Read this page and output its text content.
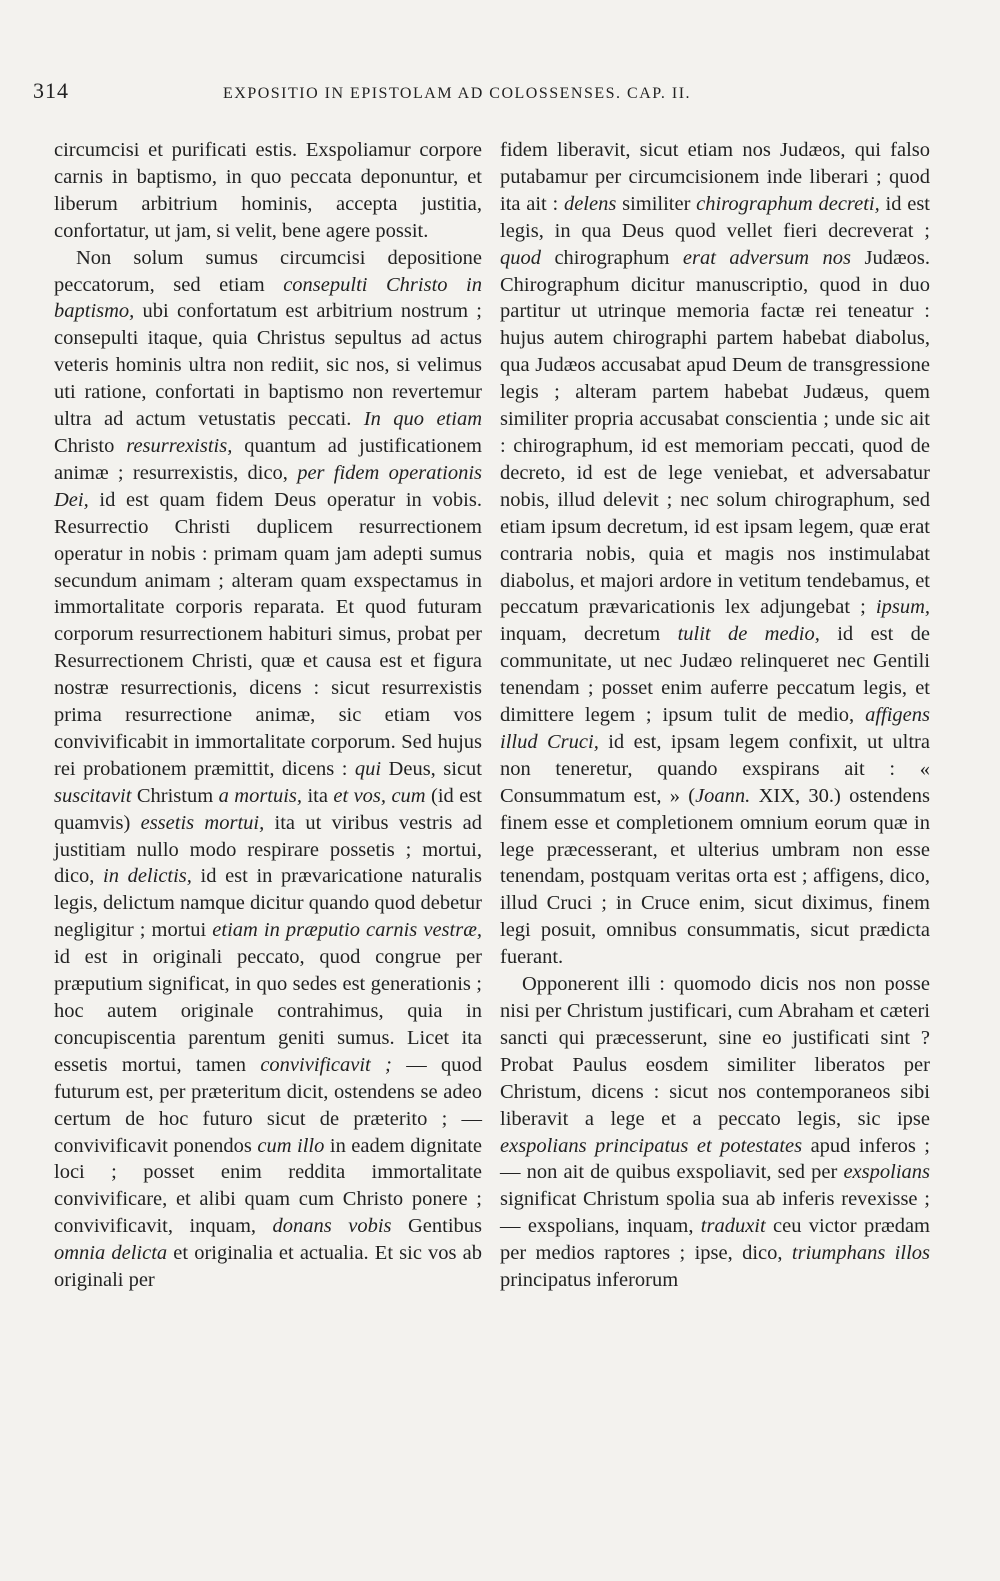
314	EXPOSITIO IN EPISTOLAM AD COLOSSENSES. CAP. II.

circumcisi et purificati estis. Exspoliamur corpore carnis in baptismo, in quo peccata deponuntur, et liberum arbitrium hominis, accepta justitia, confortatur, ut jam, si velit, bene agere possit.

Non solum sumus circumcisi depositione peccatorum, sed etiam consepulti Christo in baptismo, ubi confortatum est arbitrium nostrum ; consepulti itaque, quia Christus sepultus ad actus veteris hominis ultra non rediit, sic nos, si velimus uti ratione, confortati in baptismo non revertemur ultra ad actum vetustatis peccati. In quo etiam Christo resurrexistis, quantum ad justificationem animæ ; resurrexistis, dico, per fidem operationis Dei, id est quam fidem Deus operatur in vobis. Resurrectio Christi duplicem resurrectionem operatur in nobis : primam quam jam adepti sumus secundum animam ; alteram quam exspectamus in immortalitate corporis reparata. Et quod futuram corporum resurrectionem habituri simus, probat per Resurrectionem Christi, quæ et causa est et figura nostræ resurrectionis, dicens : sicut resurrexistis prima resurrectione animæ, sic etiam vos convivificabit in immortalitate corporum. Sed hujus rei probationem præmittit, dicens : qui Deus, sicut suscitavit Christum a mortuis, ita et vos, cum (id est quamvis) essetis mortui, ita ut viribus vestris ad justitiam nullo modo respirare possetis ; mortui, dico, in delictis, id est in prævaricatione naturalis legis, delictum namque dicitur quando quod debetur negligitur ; mortui etiam in præputio carnis vestræ, id est in originali peccato, quod congrue per præputium significat, in quo sedes est generationis ; hoc autem originale contrahimus, quia in concupiscentia parentum geniti sumus. Licet ita essetis mortui, tamen convivificavit ; — quod futurum est, per præteritum dicit, ostendens se adeo certum de hoc futuro sicut de præterito ; — convivificavit ponendos cum illo in eadem dignitate loci ; posset enim reddita immortalitate convivificare, et alibi quam cum Christo ponere ; convivificavit, inquam, donans vobis Gentibus omnia delicta et originalia et actualia. Et sic vos ab originali per

fidem liberavit, sicut etiam nos Judæos, qui falso putabamur per circumcisionem inde liberari ; quod ita ait : delens similiter chirographum decreti, id est legis, in qua Deus quod vellet fieri decreverat ; quod chirographum erat adversum nos Judæos. Chirographum dicitur manuscriptio, quod in duo partitur ut utrinque memoria factæ rei teneatur : hujus autem chirographi partem habebat diabolus, qua Judæos accusabat apud Deum de transgressione legis ; alteram partem habebat Judæus, quem similiter propria accusabat conscientia ; unde sic ait : chirographum, id est memoriam peccati, quod de decreto, id est de lege veniebat, et adversabatur nobis, illud delevit ; nec solum chirographum, sed etiam ipsum decretum, id est ipsam legem, quæ erat contraria nobis, quia et magis nos instimulabat diabolus, et majori ardore in vetitum tendebamus, et peccatum prævaricationis lex adjungebat ; ipsum, inquam, decretum tulit de medio, id est de communitate, ut nec Judæo relinqueret nec Gentili tenendam ; posset enim auferre peccatum legis, et dimittere legem ; ipsum tulit de medio, affigens illud Cruci, id est, ipsam legem confixit, ut ultra non teneretur, quando exspirans ait : « Consummatum est, » (Joann. XIX, 30.) ostendens finem esse et completionem omnium eorum quæ in lege præcesserant, et ulterius umbram non esse tenendam, postquam veritas orta est ; affigens, dico, illud Cruci ; in Cruce enim, sicut diximus, finem legi posuit, omnibus consummatis, sicut prædicta fuerant.

Opponerent illi : quomodo dicis nos non posse nisi per Christum justificari, cum Abraham et cæteri sancti qui præcesserunt, sine eo justificati sint ? Probat Paulus eosdem similiter liberatos per Christum, dicens : sicut nos contemporaneos sibi liberavit a lege et a peccato legis, sic ipse exspolians principatus et potestates apud inferos ; — non ait de quibus exspoliavit, sed per exspolians significat Christum spolia sua ab inferis revexisse ; — exspolians, inquam, traduxit ceu victor prædam per medios raptores ; ipse, dico, triumphans illos principatus inferorum
